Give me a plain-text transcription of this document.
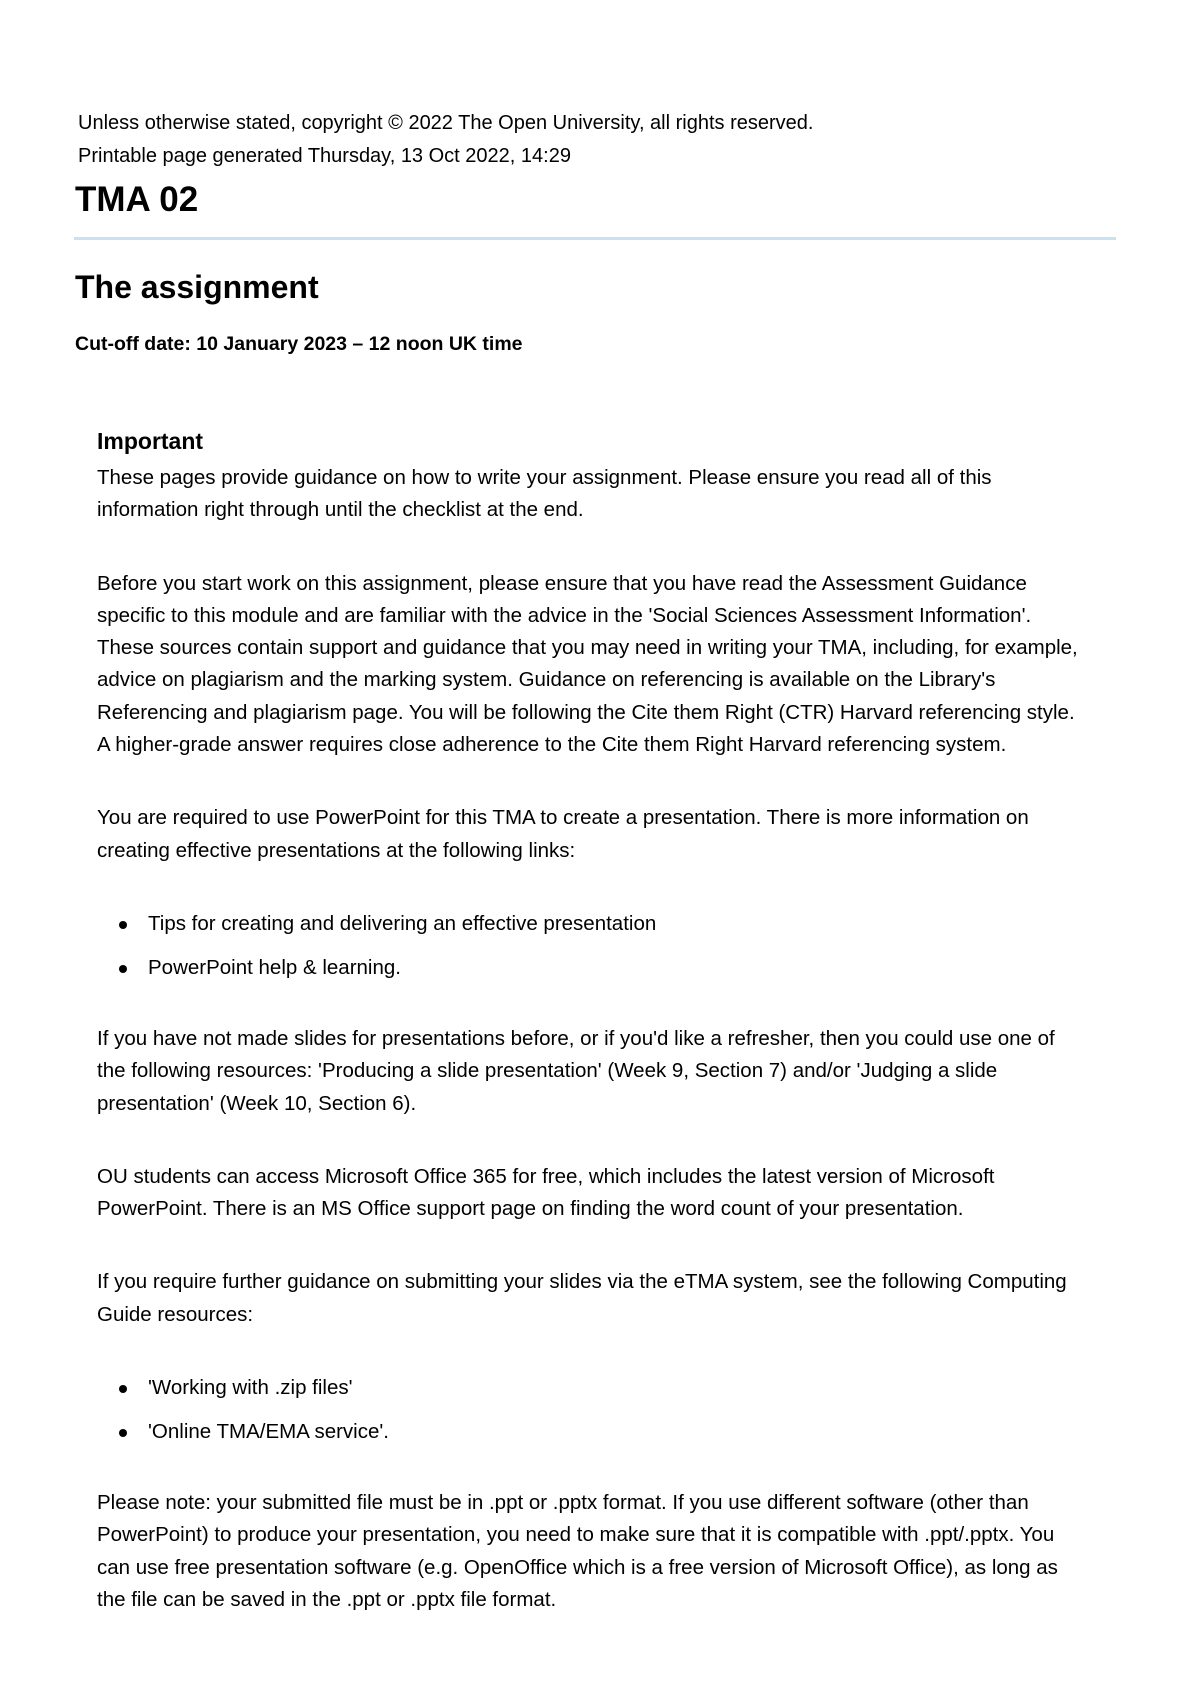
Unless otherwise stated, copyright © 2022 The Open University, all rights reserved.
Printable page generated Thursday, 13 Oct 2022, 14:29
TMA 02
The assignment

Cut-off date: 10 January 2023 – 12 noon UK time

Important

These pages provide guidance on how to write your assignment. Please ensure you read all of this information right through until the checklist at the end.

Before you start work on this assignment, please ensure that you have read the Assessment Guidance specific to this module and are familiar with the advice in the 'Social Sciences Assessment Information'. These sources contain support and guidance that you may need in writing your TMA, including, for example, advice on plagiarism and the marking system. Guidance on referencing is available on the Library's Referencing and plagiarism page. You will be following the Cite them Right (CTR) Harvard referencing style. A higher-grade answer requires close adherence to the Cite them Right Harvard referencing system.

You are required to use PowerPoint for this TMA to create a presentation. There is more information on creating effective presentations at the following links:

Tips for creating and delivering an effective presentation
PowerPoint help & learning.

If you have not made slides for presentations before, or if you'd like a refresher, then you could use one of the following resources: 'Producing a slide presentation' (Week 9, Section 7) and/or 'Judging a slide presentation' (Week 10, Section 6).

OU students can access Microsoft Office 365 for free, which includes the latest version of Microsoft PowerPoint. There is an MS Office support page on finding the word count of your presentation.

If you require further guidance on submitting your slides via the eTMA system, see the following Computing Guide resources:

'Working with .zip files'
'Online TMA/EMA service'.

Please note: your submitted file must be in .ppt or .pptx format. If you use different software (other than PowerPoint) to produce your presentation, you need to make sure that it is compatible with .ppt/.pptx. You can use free presentation software (e.g. OpenOffice which is a free version of Microsoft Office), as long as the file can be saved in the .ppt or .pptx file format.
